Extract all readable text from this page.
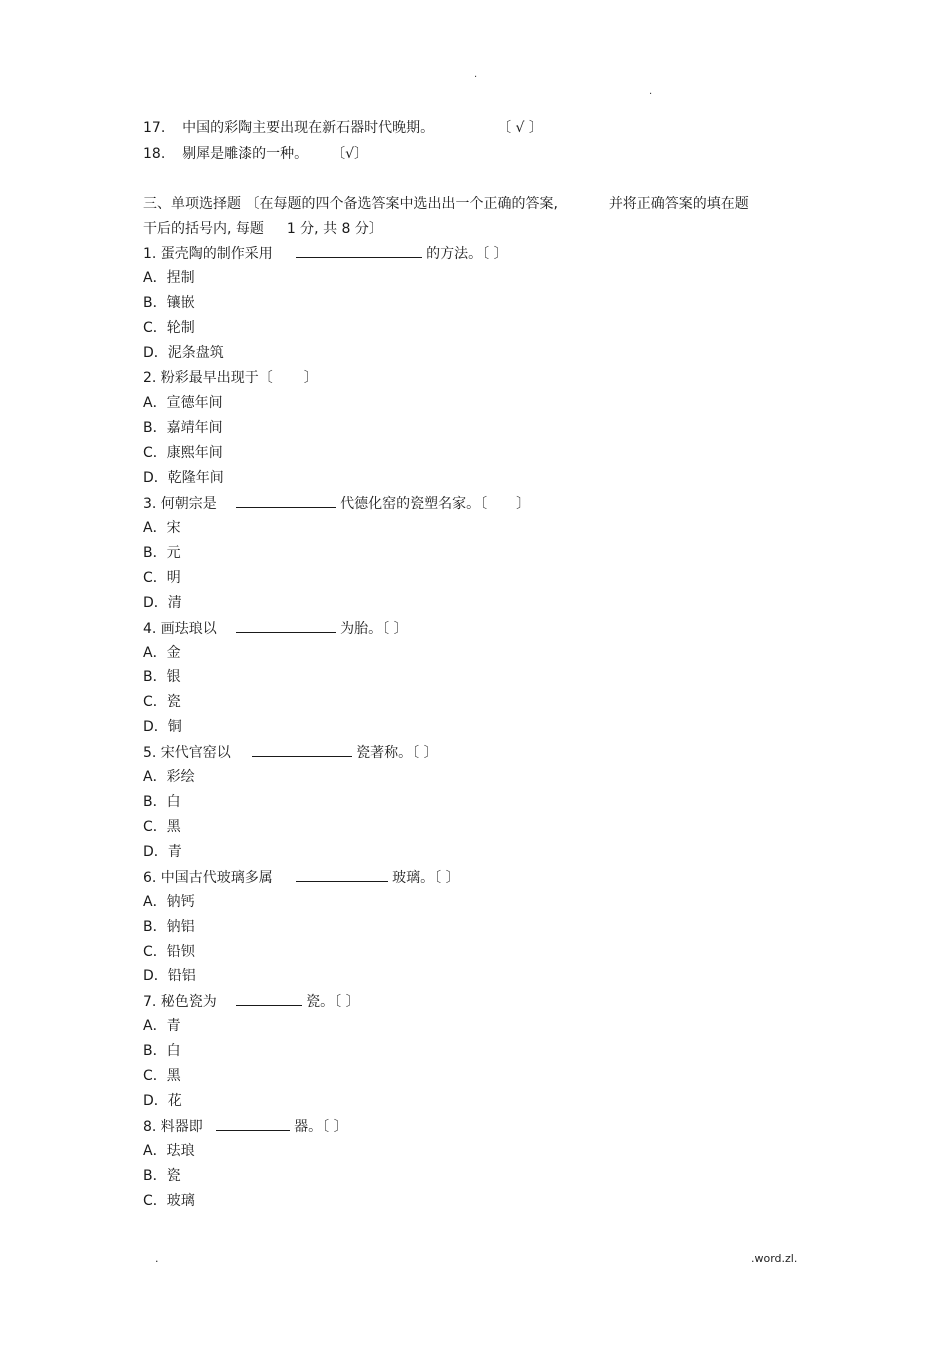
·
·
17. 中国的彩陶主要出现在新石器时代晚期。	〔 √ 〕
18. 剔犀是雕漆的一种。 〔√〕
三、单项选择题 〔在每题的四个备选答案中选出出一个正确的答案,	并将正确答案的填在题
干后的括号内, 每题 1 分, 共 8 分〕
1. 蛋壳陶的制作采用	的方法。〔 〕
A．捏制
B．镶嵌
C．轮制
D．泥条盘筑
2. 粉彩最早出现于〔 〕
A．宣德年间
B．嘉靖年间
C．康熙年间
D．乾隆年间
3. 何朝宗是	代德化窑的瓷塑名家。〔 〕
A．宋
B．元
C．明
D．清
4. 画珐琅以	为胎。〔 〕
A．金
B．银
C．瓷
D．铜
5. 宋代官窑以	瓷著称。〔 〕
A．彩绘
B．白
C．黑
D．青
6. 中国古代玻璃多属	玻璃。〔 〕
A．钠钙
B．钠铝
C．铅钡
D．铅铝
7. 秘色瓷为	瓷。〔 〕
A．青
B．白
C．黑
D．花
8. 料器即	器。〔 〕
A．珐琅
B．瓷
C．玻璃
.	.word.zl.
